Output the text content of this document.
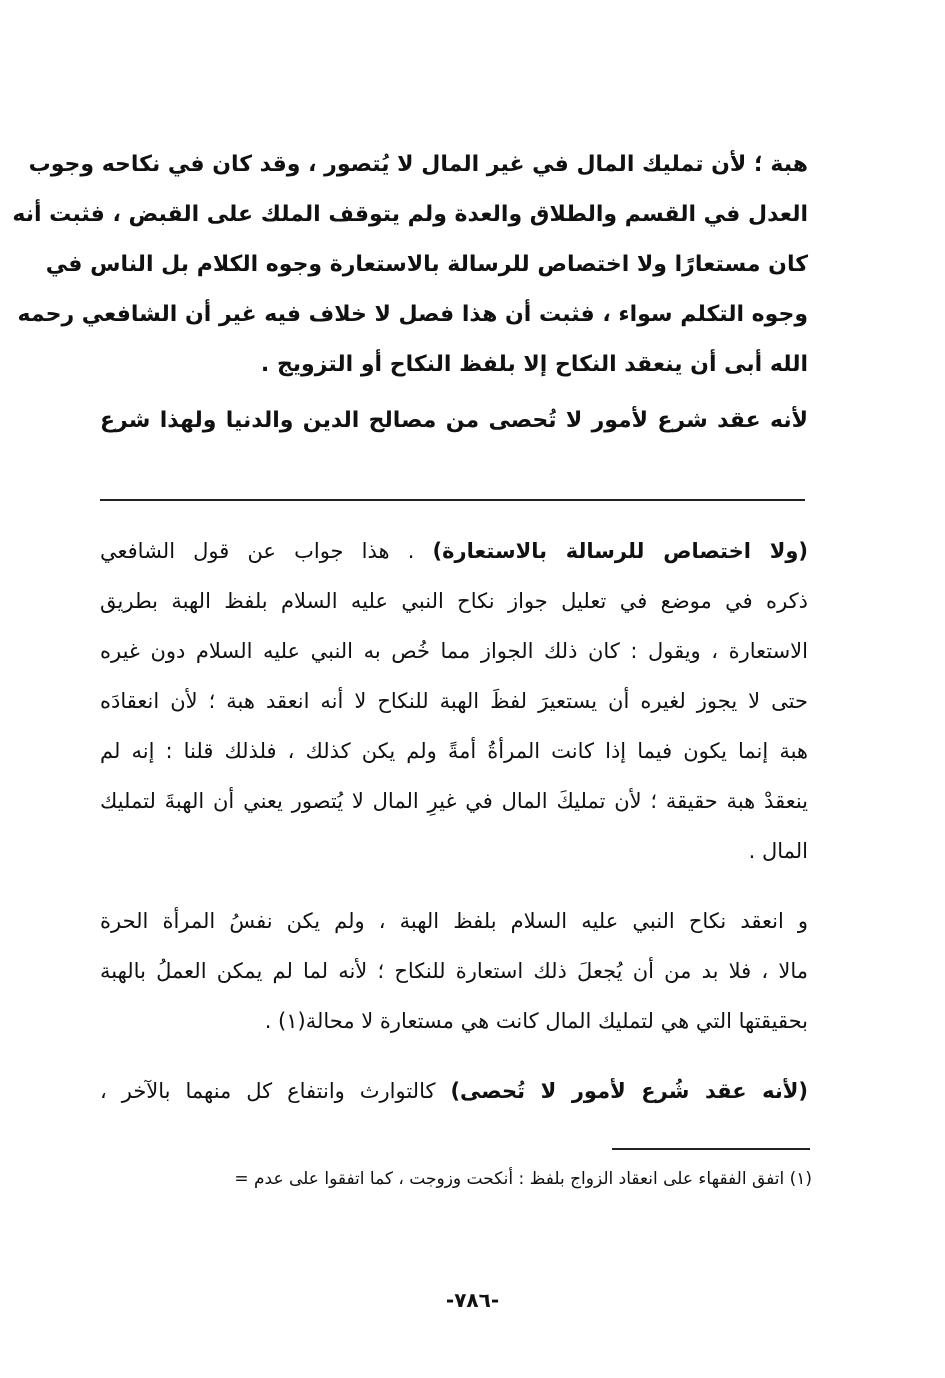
هبة ؛ لأن تمليك المال في غير المال لا يُتصور ، وقد كان في نكاحه وجوب
العدل في القسم والطلاق والعدة ولم يتوقف الملك على القبض ، فثبت أنه
كان مستعارًا ولا اختصاص للرسالة بالاستعارة وجوه الكلام بل الناس في
وجوه التكلم سواء ، فثبت أن هذا فصل لا خلاف فيه غير أن الشافعي رحمه
الله أبى أن ينعقد النكاح إلا بلفظ النكاح أو التزويج .
لأنه عقد شرع لأمور لا تُحصى من مصالح الدين والدنيا ولهذا شرع
(ولا اختصاص للرسالة بالاستعارة) . هذا جواب عن قول الشافعي
ذكره في موضع في تعليل جواز نكاح النبي عليه السلام بلفظ الهبة بطريق
الاستعارة ، ويقول : كان ذلك الجواز مما خُص به النبي عليه السلام دون غيره
حتى لا يجوز لغيره أن يستعيرَ لفظَ الهبة للنكاح لا أنه انعقد هبة ؛ لأن انعقادَه
هبة إنما يكون فيما إذا كانت المرأةُ أمةً ولم يكن كذلك ، فلذلك قلنا : إنه لم
ينعقدْ هبة حقيقة ؛ لأن تمليكَ المال في غيرِ المال لا يُتصور يعني أن الهبةَ لتمليك
المال .
و انعقد نكاح النبي عليه السلام بلفظ الهبة ، ولم يكن نفسُ المرأة الحرة
مالا ، فلا بد من أن يُجعلَ ذلك استعارة للنكاح ؛ لأنه لما لم يمكن العملُ بالهبة
بحقيقتها التي هي لتمليك المال كانت هي مستعارة لا محالة(١) .
(لأنه عقد شُرع لأمور لا تُحصى) كالتوارث وانتفاع كل منهما بالآخر ،
(١) اتفق الفقهاء على انعقاد الزواج بلفظ : أنكحت وزوجت ، كما اتفقوا على عدم =
-٧٨٦-
